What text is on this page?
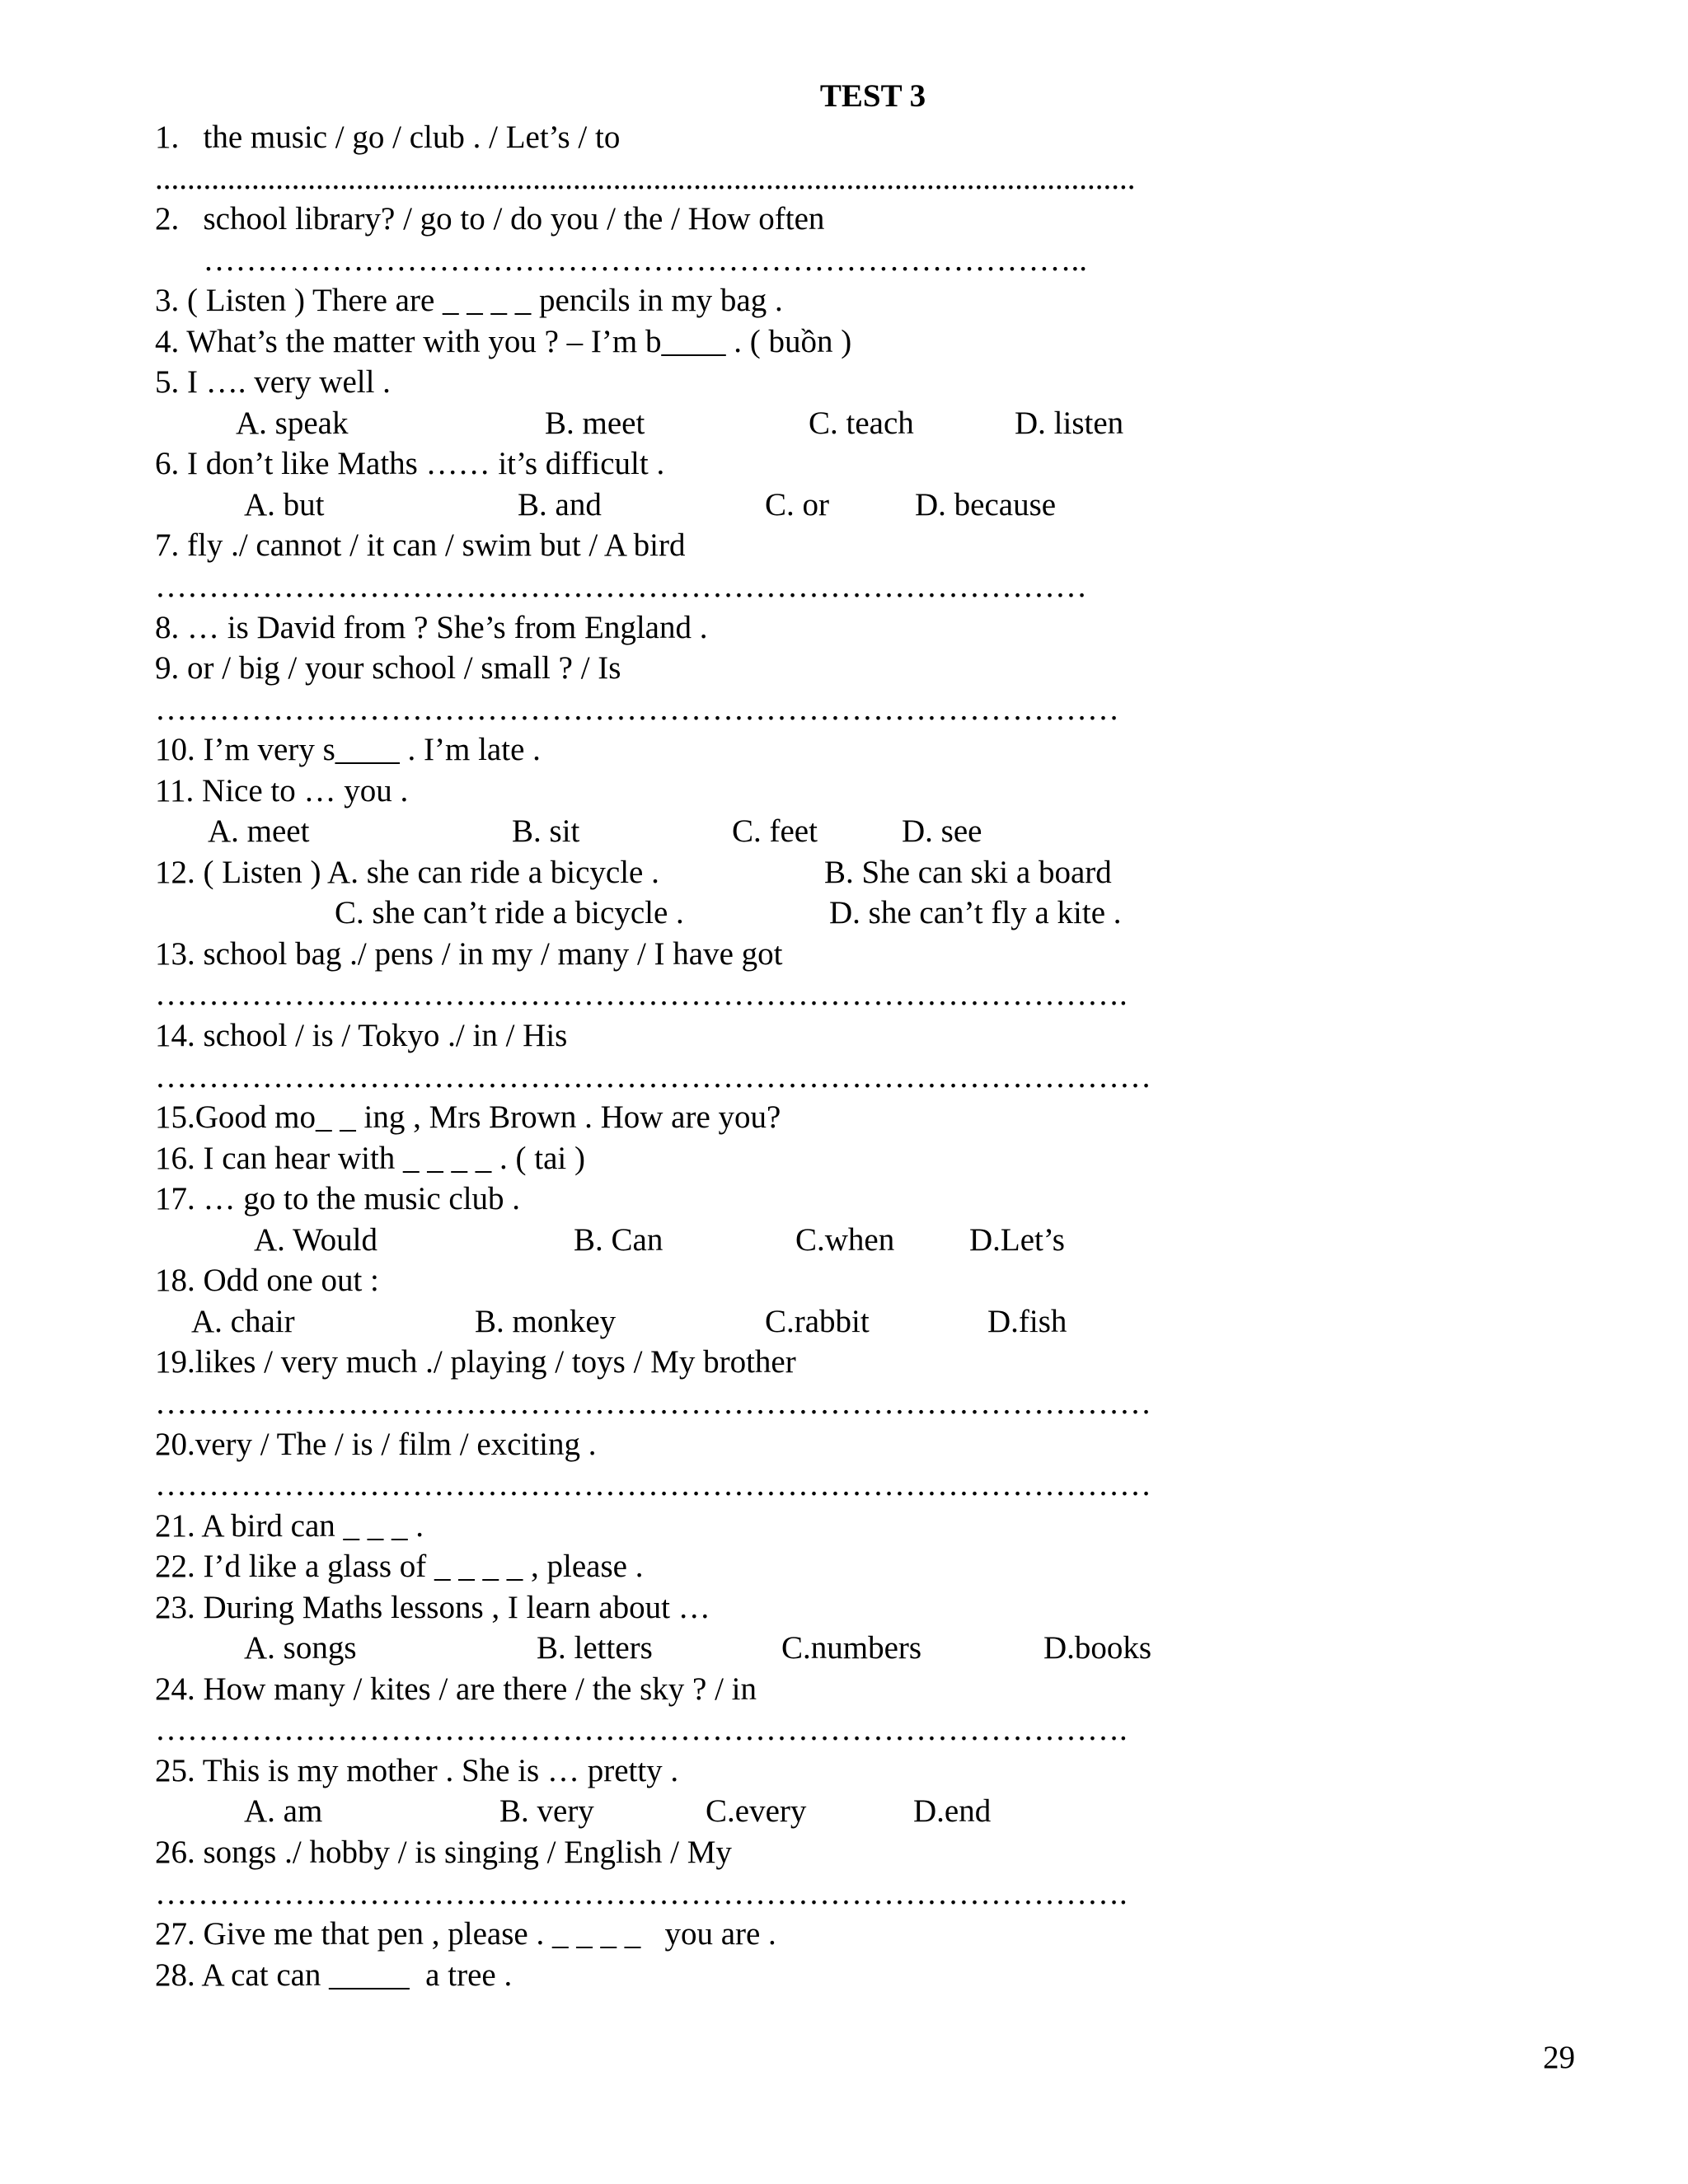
TEST 3
1.   the music / go / club . / Let’s / to
..........................................................................................................................
2.   school library? / go to / do you / the / How often
………………………………………………………………………..
3. ( Listen ) There are _ _ _ _ pencils in my bag .
4. What’s the matter with you ? – I’m b____ . ( buồn )
5. I …. very well .

A. speak

	B. meet

	C. teach

	D. listen

6. I don’t like Maths …… it’s difficult .

A. but

	B. and

	C. or

	D. because

7. fly ./ cannot / it can / swim but / A bird
……………………………………………………………………………
8. … is David from ? She’s from England .
9. or / big / your school / small ? / Is
………………………………………………………………………………
10. I’m very s____ . I’m late .
11. Nice to … you .

A. meet

	B. sit

	C. feet

	D. see

12. ( Listen ) A. she can ride a bicycle .

	B. She can ski a board

C. she can’t ride a bicycle .

	D. she can’t fly a kite .

13. school bag ./ pens / in my / many / I have got
……………………………………………………………………………….
14. school / is / Tokyo ./ in / His
…………………………………………………………………………………
15.Good mo_ _ ing , Mrs Brown . How are you?
16. I can hear with _ _ _ _ . ( tai )
17. … go to the music club .

A. Would

	B. Can

	C.when

D.Let’s

18. Odd one out :

A. chair

	B. monkey

	C.rabbit

	D.fish

19.likes / very much ./ playing / toys / My brother
…………………………………………………………………………………
20.very / The / is / film / exciting .
…………………………………………………………………………………
21. A bird can _ _ _ .
22. I’d like a glass of _ _ _ _ , please .
23. During Maths lessons , I learn about …

A. songs

	B. letters

	C.numbers

	D.books

24. How many / kites / are there / the sky ? / in
……………………………………………………………………………….
25. This is my mother . She is … pretty .

A. am

	B. very

	C.every

	D.end

26. songs ./ hobby / is singing / English / My
……………………………………………………………………………….
27. Give me that pen , please . _ _ _ _   you are .
28. A cat can _____  a tree .
29
